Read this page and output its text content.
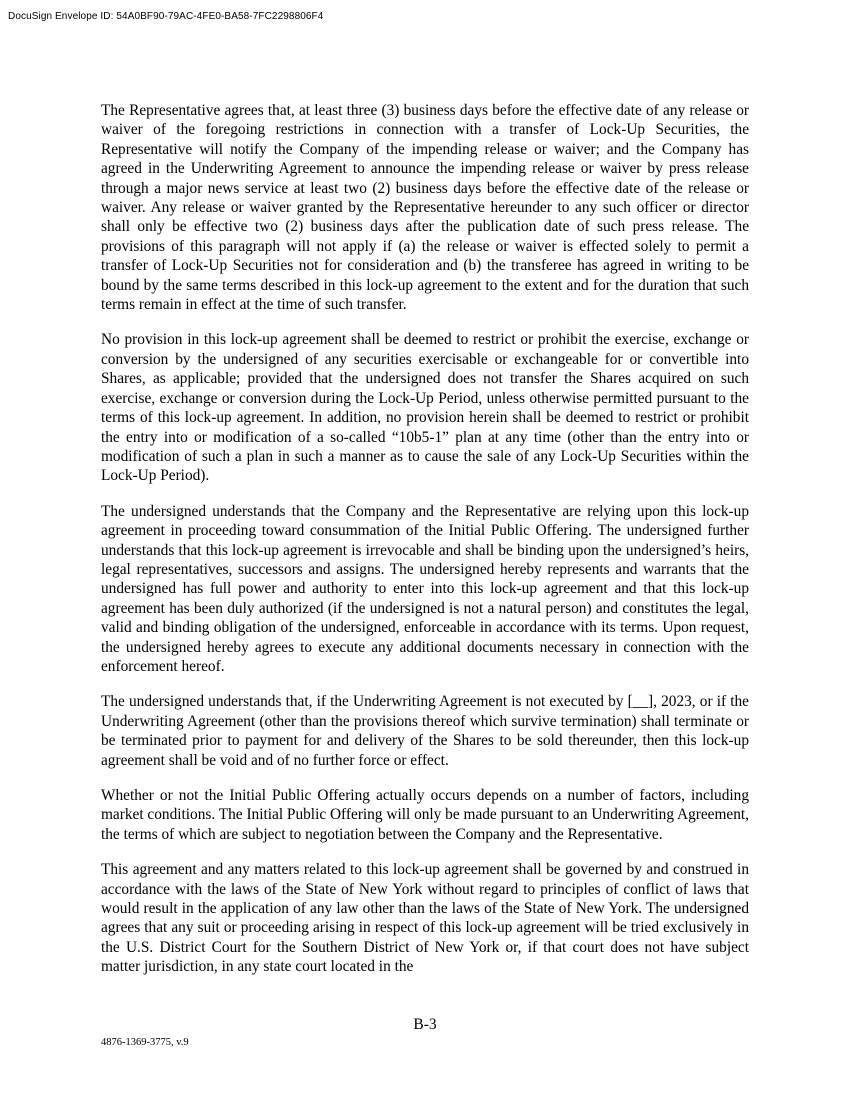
DocuSign Envelope ID: 54A0BF90-79AC-4FE0-BA58-7FC2298806F4

The Representative agrees that, at least three (3) business days before the effective date of any release or waiver of the foregoing restrictions in connection with a transfer of Lock-Up Securities, the Representative will notify the Company of the impending release or waiver; and the Company has agreed in the Underwriting Agreement to announce the impending release or waiver by press release through a major news service at least two (2) business days before the effective date of the release or waiver. Any release or waiver granted by the Representative hereunder to any such officer or director shall only be effective two (2) business days after the publication date of such press release. The provisions of this paragraph will not apply if (a) the release or waiver is effected solely to permit a transfer of Lock-Up Securities not for consideration and (b) the transferee has agreed in writing to be bound by the same terms described in this lock-up agreement to the extent and for the duration that such terms remain in effect at the time of such transfer.

No provision in this lock-up agreement shall be deemed to restrict or prohibit the exercise, exchange or conversion by the undersigned of any securities exercisable or exchangeable for or convertible into Shares, as applicable; provided that the undersigned does not transfer the Shares acquired on such exercise, exchange or conversion during the Lock-Up Period, unless otherwise permitted pursuant to the terms of this lock-up agreement. In addition, no provision herein shall be deemed to restrict or prohibit the entry into or modification of a so-called “10b5-1” plan at any time (other than the entry into or modification of such a plan in such a manner as to cause the sale of any Lock-Up Securities within the Lock-Up Period).

The undersigned understands that the Company and the Representative are relying upon this lock-up agreement in proceeding toward consummation of the Initial Public Offering. The undersigned further understands that this lock-up agreement is irrevocable and shall be binding upon the undersigned’s heirs, legal representatives, successors and assigns. The undersigned hereby represents and warrants that the undersigned has full power and authority to enter into this lock-up agreement and that this lock-up agreement has been duly authorized (if the undersigned is not a natural person) and constitutes the legal, valid and binding obligation of the undersigned, enforceable in accordance with its terms. Upon request, the undersigned hereby agrees to execute any additional documents necessary in connection with the enforcement hereof.

The undersigned understands that, if the Underwriting Agreement is not executed by [__], 2023, or if the Underwriting Agreement (other than the provisions thereof which survive termination) shall terminate or be terminated prior to payment for and delivery of the Shares to be sold thereunder, then this lock-up agreement shall be void and of no further force or effect.

Whether or not the Initial Public Offering actually occurs depends on a number of factors, including market conditions. The Initial Public Offering will only be made pursuant to an Underwriting Agreement, the terms of which are subject to negotiation between the Company and the Representative.

This agreement and any matters related to this lock-up agreement shall be governed by and construed in accordance with the laws of the State of New York without regard to principles of conflict of laws that would result in the application of any law other than the laws of the State of New York. The undersigned agrees that any suit or proceeding arising in respect of this lock-up agreement will be tried exclusively in the U.S. District Court for the Southern District of New York or, if that court does not have subject matter jurisdiction, in any state court located in the

B-3
4876-1369-3775, v.9
